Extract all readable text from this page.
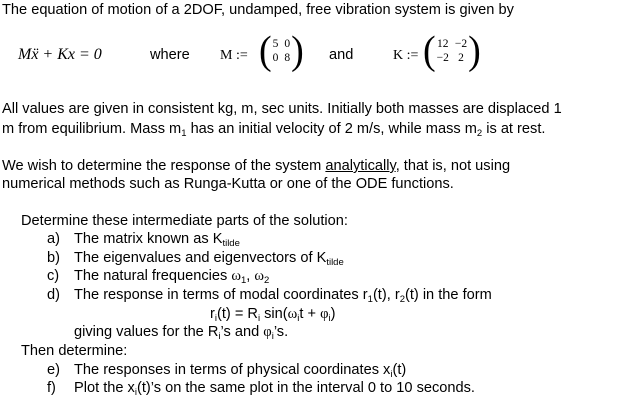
The equation of motion of a 2DOF, undamped, free vibration system is given by
Mẍ + Kx = 0	where M := ( 5 0
0 8 ) and	K := ( 12 −2
−2 2 )
All values are given in consistent kg, m, sec units. Initially both masses are displaced 1
m from equilibrium. Mass $m_1$ has an initial velocity of 2 m/s, while mass $m_2$ is at rest.
We wish to determine the response of the system analytically, that is, not using
numerical methods such as Runga-Kutta or one of the ODE functions.
Determine these intermediate parts of the solution:
a) The matrix known as $K_{tilde}$
b) The eigenvalues and eigenvectors of $K_{tilde}$
c) The natural frequencies $\omega_1$, $\omega_2$
d) The response in terms of modal coordinates $r_1(t)$, $r_2(t)$ in the form
$r_i(t) = R_i$ $\sin(\omega_it + \varphi_i)$
giving values for the $R_i’s$ and $\varphi_i’s$.
Then determine:
e) The responses in terms of physical coordinates $x_i(t)$
f) Plot the $x_i(t)’s$ on the same plot in the interval 0 to 10 seconds.
